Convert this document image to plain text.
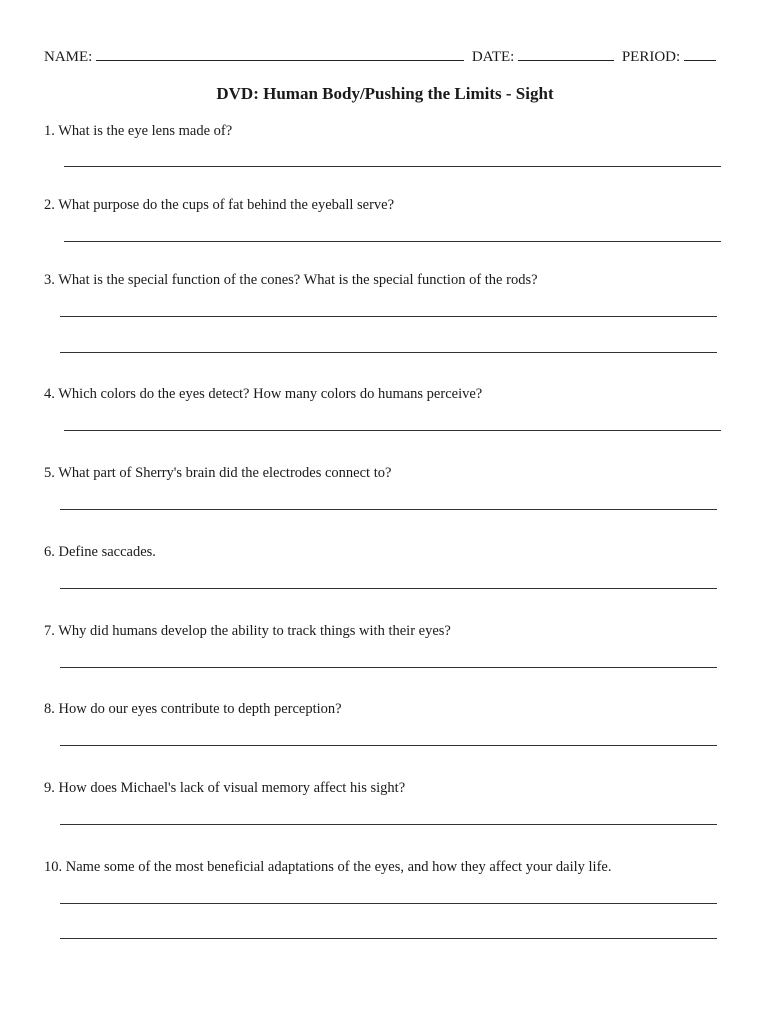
NAME:	DATE:	PERIOD:
DVD: Human Body/Pushing the Limits - Sight
1. What is the eye lens made of?
2. What purpose do the cups of fat behind the eyeball serve?
3. What is the special function of the cones? What is the special function of the rods?
4. Which colors do the eyes detect? How many colors do humans perceive?
5. What part of Sherry's brain did the electrodes connect to?
6. Define saccades.
7. Why did humans develop the ability to track things with their eyes?
8. How do our eyes contribute to depth perception?
9. How does Michael's lack of visual memory affect his sight?
10. Name some of the most beneficial adaptations of the eyes, and how they affect your daily life.
